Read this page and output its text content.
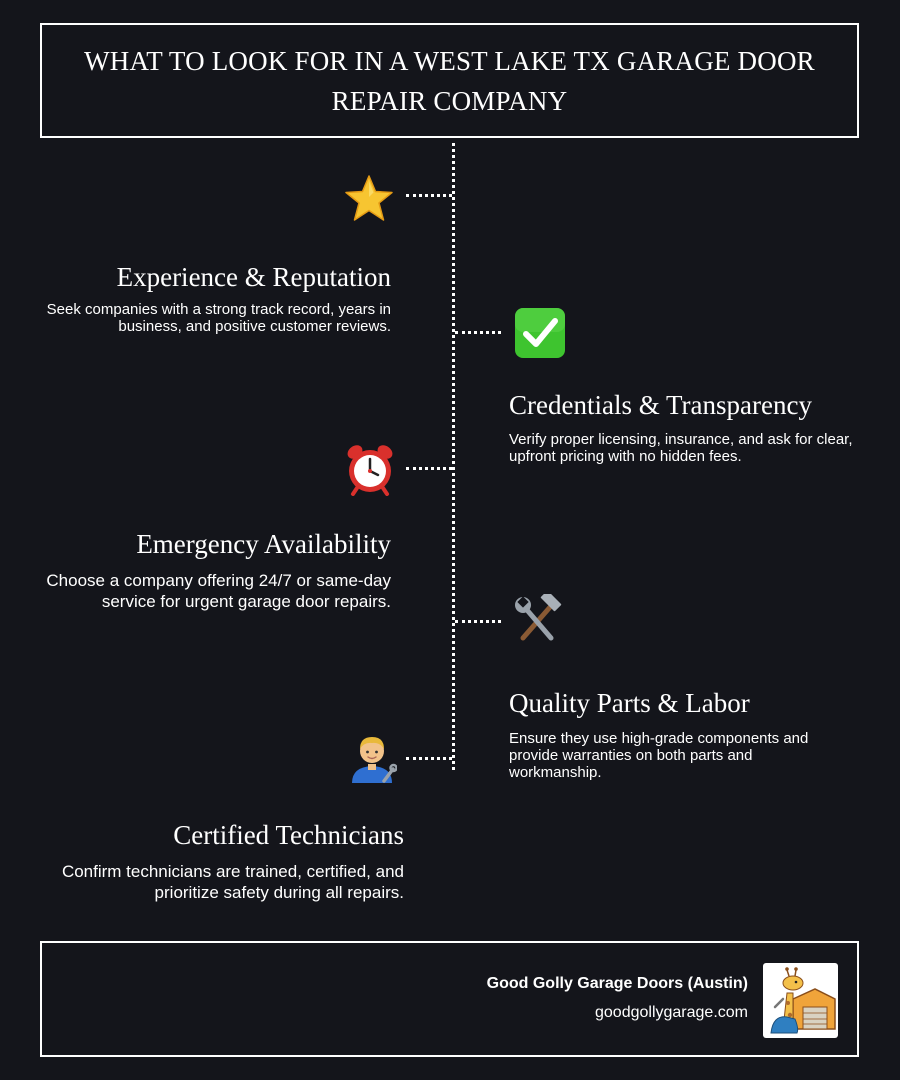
WHAT TO LOOK FOR IN A WEST LAKE TX GARAGE DOOR REPAIR COMPANY
Experience & Reputation

Seek companies with a strong track record, years in business, and positive customer reviews.

Credentials & Transparency

Verify proper licensing, insurance, and ask for clear, upfront pricing with no hidden fees.

Emergency Availability

Choose a company offering 24/7 or same-day service for urgent garage door repairs.

Quality Parts & Labor

Ensure they use high-grade components and provide warranties on both parts and workmanship.

Certified Technicians

Confirm technicians are trained, certified, and prioritize safety during all repairs.

Good Golly Garage Doors (Austin)
goodgollygarage.com
